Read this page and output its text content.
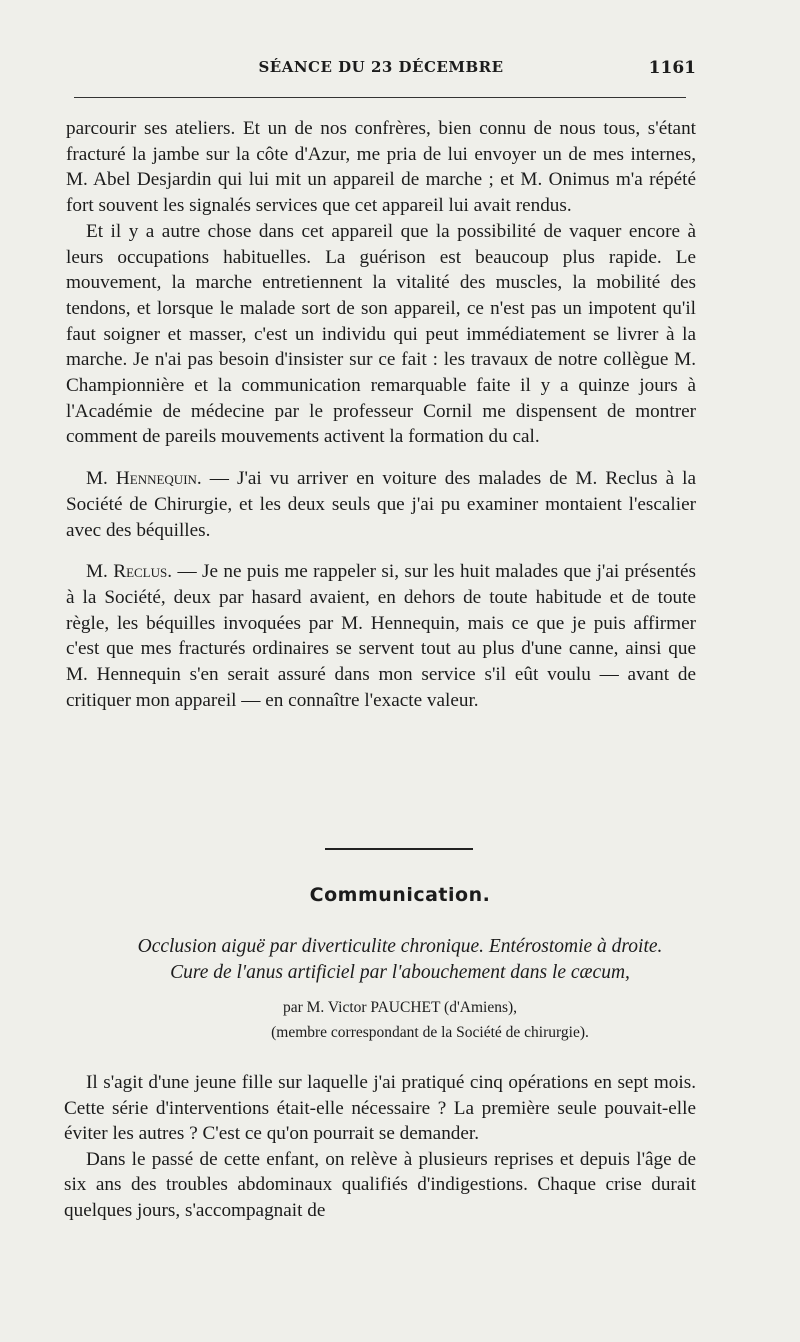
SÉANCE DU 23 DÉCEMBRE	1161

parcourir ses ateliers. Et un de nos confrères, bien connu de nous tous, s'étant fracturé la jambe sur la côte d'Azur, me pria de lui envoyer un de mes internes, M. Abel Desjardin qui lui mit un appareil de marche ; et M. Onimus m'a répété fort souvent les signalés services que cet appareil lui avait rendus.

Et il y a autre chose dans cet appareil que la possibilité de vaquer encore à leurs occupations habituelles. La guérison est beaucoup plus rapide. Le mouvement, la marche entretiennent la vitalité des muscles, la mobilité des tendons, et lorsque le malade sort de son appareil, ce n'est pas un impotent qu'il faut soigner et masser, c'est un individu qui peut immédiatement se livrer à la marche. Je n'ai pas besoin d'insister sur ce fait : les travaux de notre collègue M. Championnière et la communication remarquable faite il y a quinze jours à l'Académie de médecine par le professeur Cornil me dispensent de montrer comment de pareils mouvements activent la formation du cal.

M. Hennequin. — J'ai vu arriver en voiture des malades de M. Reclus à la Société de Chirurgie, et les deux seuls que j'ai pu examiner montaient l'escalier avec des béquilles.

M. Reclus. — Je ne puis me rappeler si, sur les huit malades que j'ai présentés à la Société, deux par hasard avaient, en dehors de toute habitude et de toute règle, les béquilles invoquées par M. Hennequin, mais ce que je puis affirmer c'est que mes fracturés ordinaires se servent tout au plus d'une canne, ainsi que M. Hennequin s'en serait assuré dans mon service s'il eût voulu — avant de critiquer mon appareil — en connaître l'exacte valeur.

Communication.
Occlusion aiguë par diverticulite chronique. Entérostomie à droite.
Cure de l'anus artificiel par l'abouchement dans le cæcum,
par M. Victor PAUCHET (d'Amiens),
(membre correspondant de la Société de chirurgie).

Il s'agit d'une jeune fille sur laquelle j'ai pratiqué cinq opérations en sept mois. Cette série d'interventions était-elle nécessaire ? La première seule pouvait-elle éviter les autres ? C'est ce qu'on pourrait se demander.

Dans le passé de cette enfant, on relève à plusieurs reprises et depuis l'âge de six ans des troubles abdominaux qualifiés d'indigestions. Chaque crise durait quelques jours, s'accompagnait de
